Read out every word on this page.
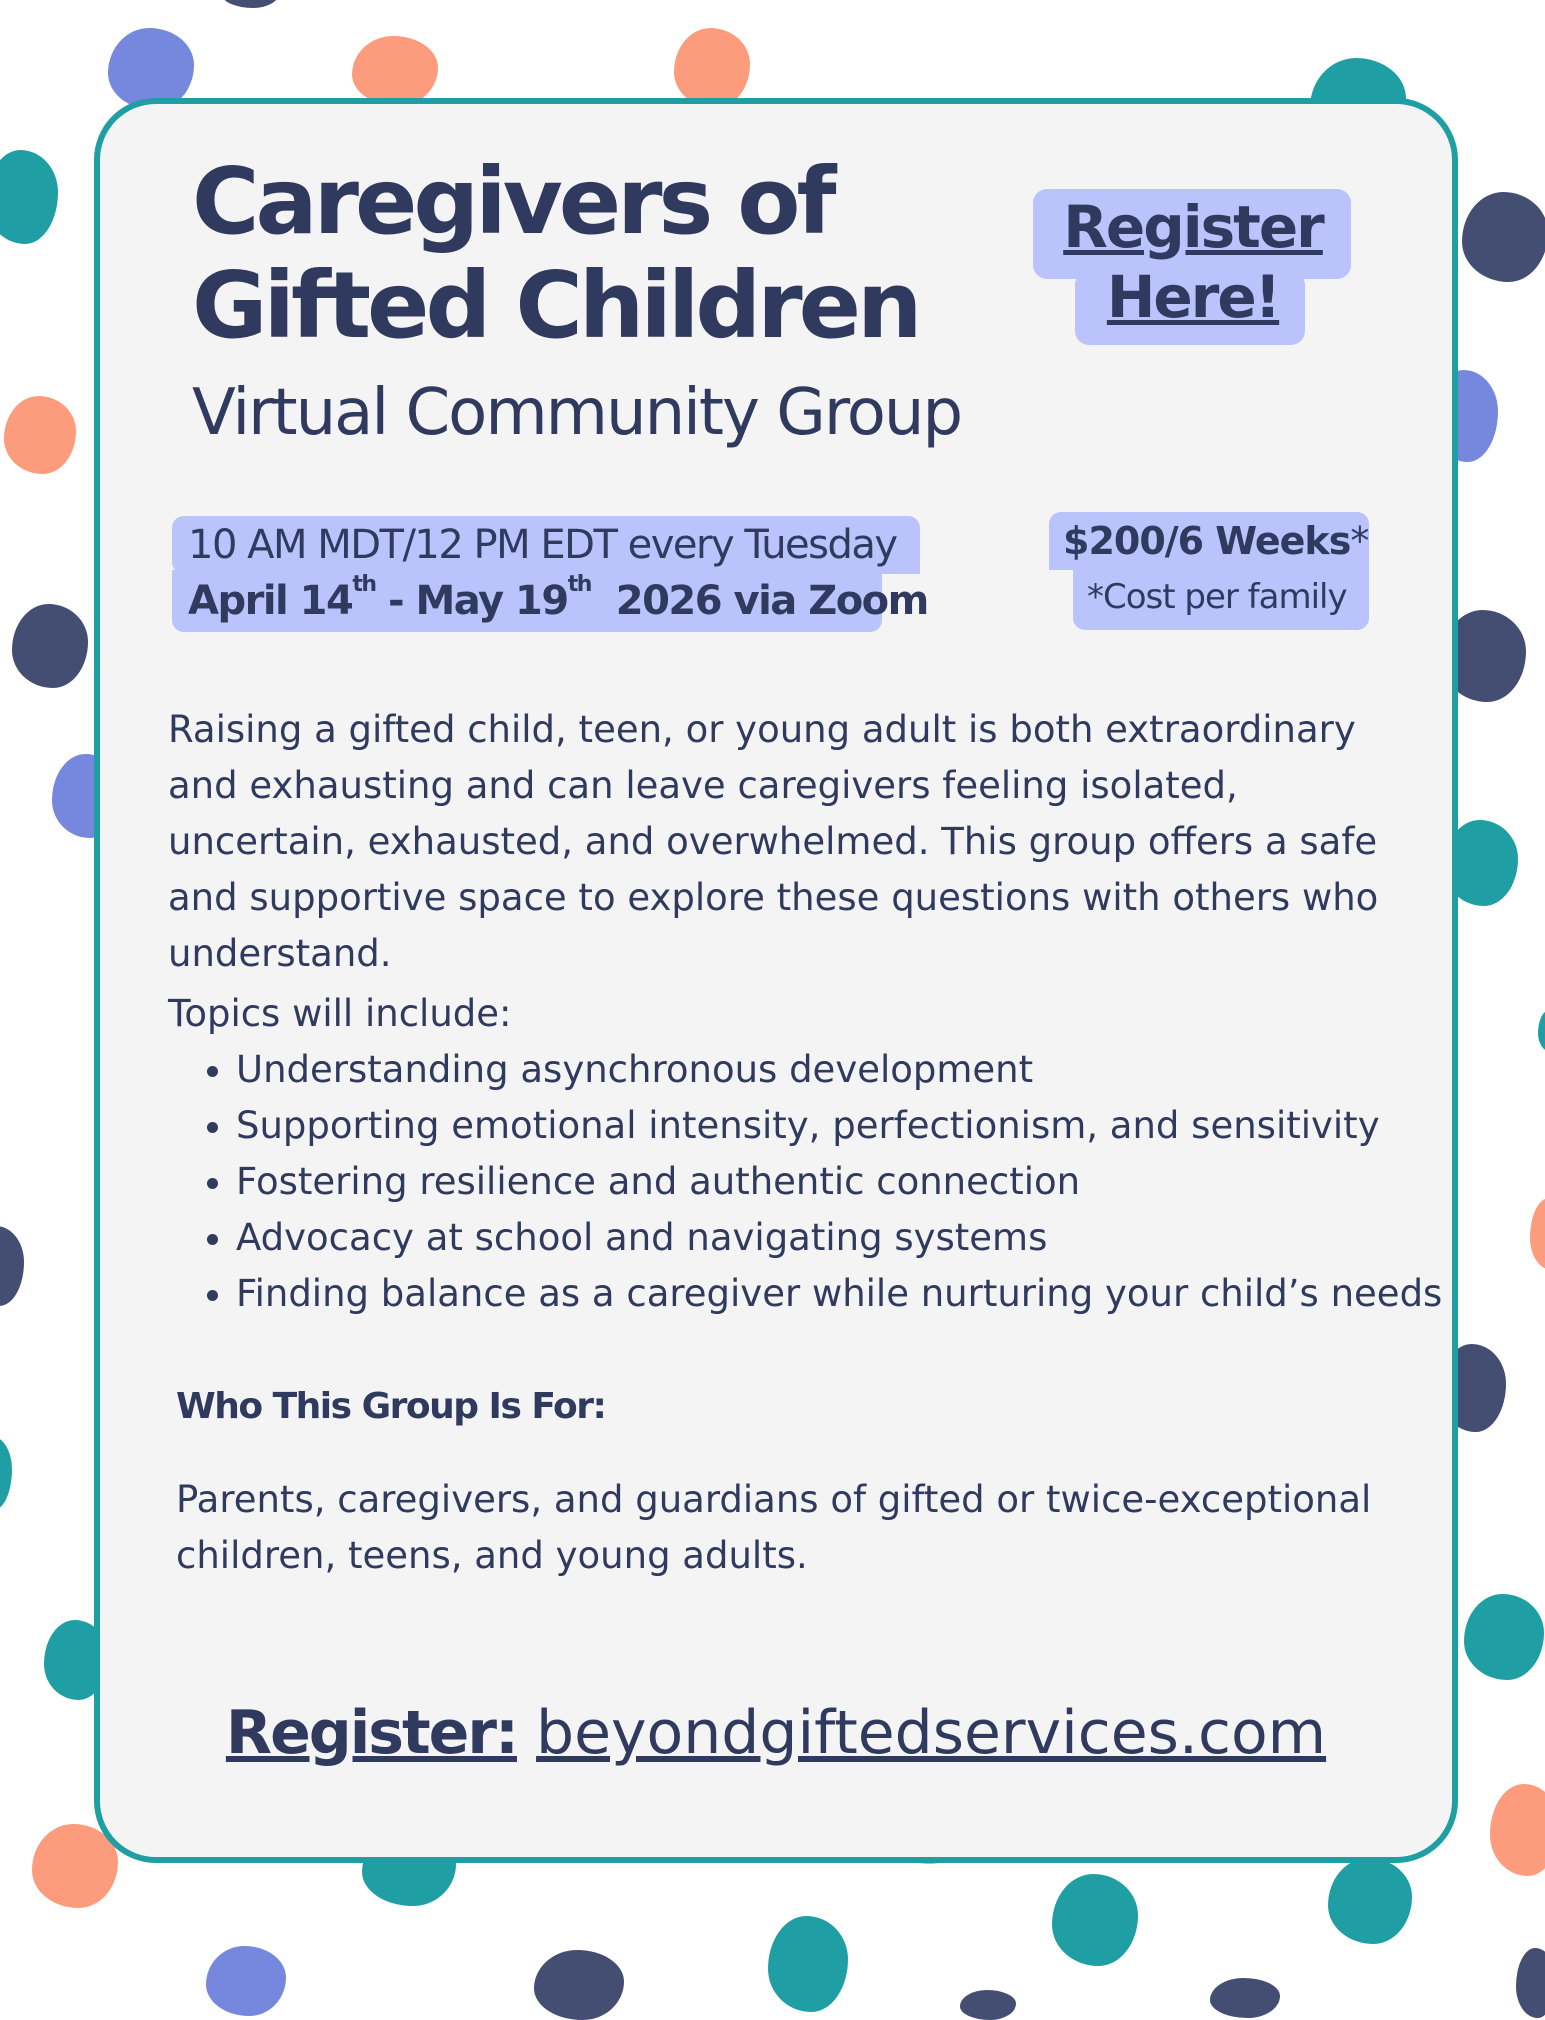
Caregivers of
Gifted Children
Virtual Community Group
Register
Here!
10 AM MDT/12 PM EDT every Tuesday
April 14th - May 19th  2026 via Zoom
$200/6 Weeks*
*Cost per family

Raising a gifted child, teen, or young adult is both extraordinary and exhausting and can leave caregivers feeling isolated, uncertain, exhausted, and overwhelmed. This group offers a safe and supportive space to explore these questions with others who understand.

Topics will include:
• Understanding asynchronous development
• Supporting emotional intensity, perfectionism, and sensitivity
• Fostering resilience and authentic connection
• Advocacy at school and navigating systems
• Finding balance as a caregiver while nurturing your child’s needs
Who This Group Is For:

Parents, caregivers, and guardians of gifted or twice-exceptional children, teens, and young adults.

Register: beyondgiftedservices.com
